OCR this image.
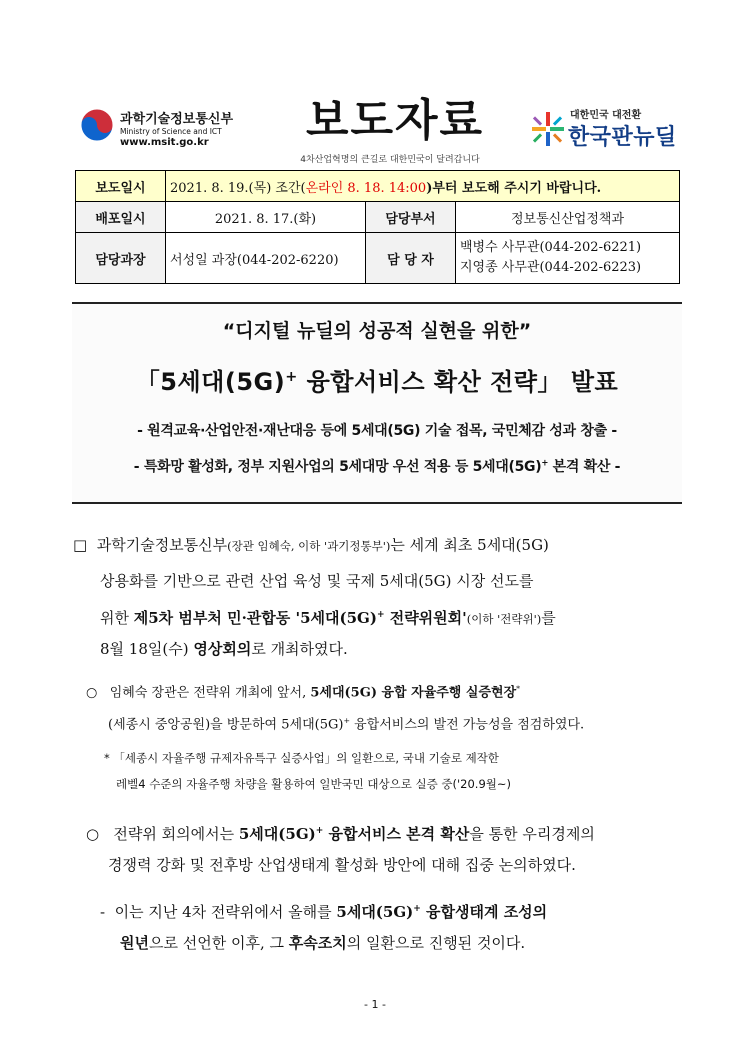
과학기술정보통신부
Ministry of Science and ICT
www.msit.go.kr 보도자료
4차산업혁명의 큰길로 대한민국이 달려갑니다
대한민국 대전환
한국판뉴딜
보도일시	2021. 8. 19.(목) 조간(온라인 8. 18. 14:00)부터 보도해 주시기 바랍니다.		
배포일시	2021. 8. 17.(화)	담당부서	정보통신산업정책과
담당과장	서성일 과장(044-202-6220)	담 당 자	백병수 사무관(044-202-6221)
지영종 사무관(044-202-6223)
“디지털 뉴딜의 성공적 실현을 위한”
「5세대(5G)+ 융합서비스 확산 전략」 발표
- 원격교육·산업안전·재난대응 등에 5세대(5G) 기술 접목, 국민체감 성과 창출 -
- 특화망 활성화, 정부 지원사업의 5세대망 우선 적용 등 5세대(5G)+ 본격 확산 -
□ 과학기술정보통신부(장관 임혜숙, 이하 '과기정통부')는 세계 최초 5세대(5G)
상용화를 기반으로 관련 산업 육성 및 국제 5세대(5G) 시장 선도를
위한 제5차 범부처 민·관합동 '5세대(5G)+ 전략위원회'(이하 '전략위')를
8월 18일(수) 영상회의로 개최하였다.
○ 임혜숙 장관은 전략위 개최에 앞서, 5세대(5G) 융합 자율주행 실증현장*
(세종시 중앙공원)을 방문하여 5세대(5G)+ 융합서비스의 발전 가능성을 점검하였다.
* 「세종시 자율주행 규제자유특구 실증사업」의 일환으로, 국내 기술로 제작한
레벨4 수준의 자율주행 차량을 활용하여 일반국민 대상으로 실증 중('20.9월~)
○ 전략위 회의에서는 5세대(5G)+ 융합서비스 본격 확산을 통한 우리경제의
경쟁력 강화 및 전후방 산업생태계 활성화 방안에 대해 집중 논의하였다.
- 이는 지난 4차 전략위에서 올해를 5세대(5G)+ 융합생태계 조성의
원년으로 선언한 이후, 그 후속조치의 일환으로 진행된 것이다.
- 1 -
